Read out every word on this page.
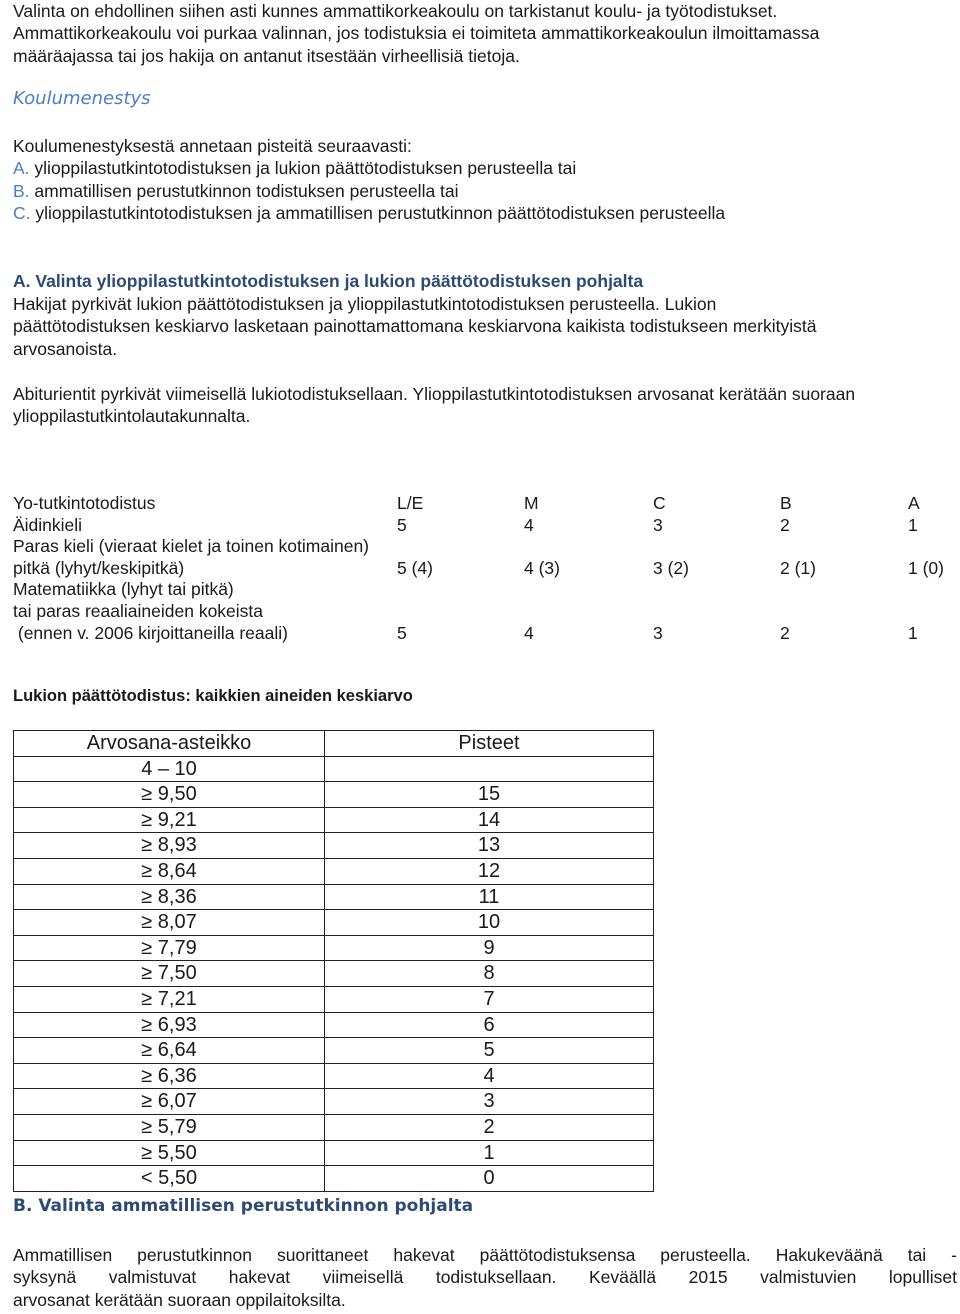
Valinta on ehdollinen siihen asti kunnes ammattikorkeakoulu on tarkistanut koulu- ja työtodistukset.
Ammattikorkeakoulu voi purkaa valinnan, jos todistuksia ei toimiteta ammattikorkeakoulun ilmoittamassa
määräajassa tai jos hakija on antanut itsestään virheellisiä tietoja.
Koulumenestys
Koulumenestyksestä annetaan pisteitä seuraavasti:
A. ylioppilastutkintotodistuksen ja lukion päättötodistuksen perusteella tai
B. ammatillisen perustutkinnon todistuksen perusteella tai
C. ylioppilastutkintotodistuksen ja ammatillisen perustutkinnon päättötodistuksen perusteella
A. Valinta ylioppilastutkintotodistuksen ja lukion päättötodistuksen pohjalta
Hakijat pyrkivät lukion päättötodistuksen ja ylioppilastutkintotodistuksen perusteella. Lukion
päättötodistuksen keskiarvo lasketaan painottamattomana keskiarvona kaikista todistukseen merkityistä
arvosanoista.
Abiturientit pyrkivät viimeisellä lukiotodistuksellaan. Ylioppilastutkintotodistuksen arvosanat kerätään suoraan
ylioppilastutkintolautakunnalta.
Yo-tutkintotodistus	L/E	M	C	B	A
Äidinkieli	5	4	3	2	1
Paras kieli (vieraat kielet ja toinen kotimainen)
pitkä (lyhyt/keskipitkä)	5 (4)	4 (3)	3 (2)	2 (1)	1 (0)
Matematiikka (lyhyt tai pitkä)
tai paras reaaliaineiden kokeista
(ennen v. 2006 kirjoittaneilla reaali)	5	4	3	2	1
Lukion päättötodistus: kaikkien aineiden keskiarvo
Arvosana-asteikko	Pisteet
4 – 10	
≥ 9,50	15
≥ 9,21	14
≥ 8,93	13
≥ 8,64	12
≥ 8,36	11
≥ 8,07	10
≥ 7,79	9
≥ 7,50	8
≥ 7,21	7
≥ 6,93	6
≥ 6,64	5
≥ 6,36	4
≥ 6,07	3
≥ 5,79	2
≥ 5,50	1
< 5,50	0
B. Valinta ammatillisen perustutkinnon pohjalta
Ammatillisen perustutkinnon suorittaneet hakevat päättötodistuksensa perusteella. Hakukeväänä tai -
syksynä valmistuvat hakevat viimeisellä todistuksellaan. Keväällä 2015 valmistuvien lopulliset
arvosanat kerätään suoraan oppilaitoksilta.
